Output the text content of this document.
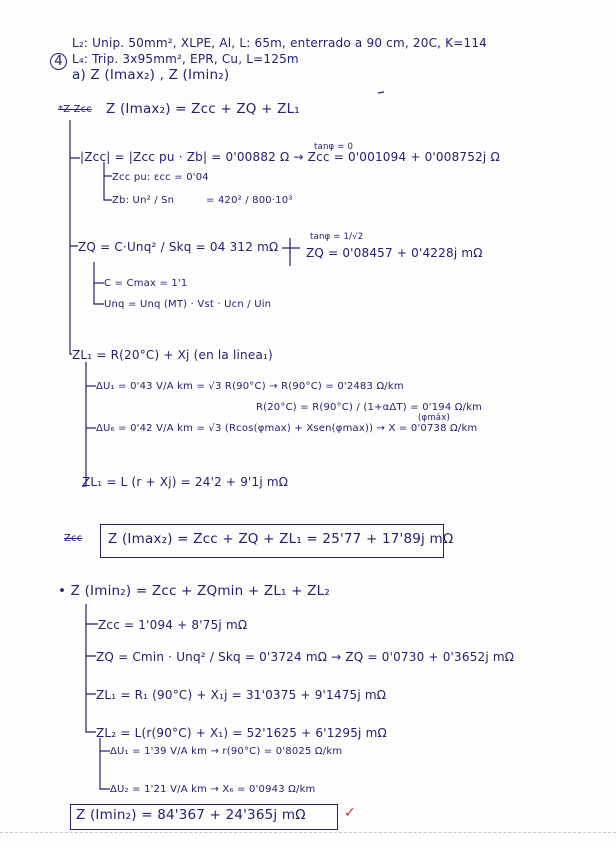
L₂: Unip. 50mm², XLPE, Al, L: 65m, enterrado a 90 cm, 20C, K=114
4 L₄: Trip. 3x95mm², EPR, Cu, L=125m
a) Z (Imax₂) , Z (Imin₂)
*Z Zcc Z (Imax₂) = Zcc + ZQ + ZL₁
tanφ = 0
|Zcc| = |Zcc pu · Zb| = 0'00882 Ω → Zcc = 0'001094 + 0'008752j Ω
Zcc pu: εcc = 0'04
Zb: Un² / Sn	= 420² / 800·10³
tanφ = 1/√2
ZQ = C·Unq² / Skq = 04 312 mΩ ZQ = 0'08457 + 0'4228j mΩ
C = Cmax = 1'1
Unq = Unq (MT) · Vst · Ucn / Uin
ZL₁ = R(20°C) + Xj (en la linea₁)
ΔU₁ = 0'43 V/A km = √3 R(90°C) → R(90°C) = 0'2483 Ω/km
R(20°C) = R(90°C) / (1+αΔT) = 0'194 Ω/km
(φmáx)
ΔU₆ = 0'42 V/A km = √3 (Rcos(φmax) + Xsen(φmax)) → X = 0'0738 Ω/km
ZL₁ = L (r + Xj) = 24'2 + 9'1j mΩ
Zcc Z (Imax₂) = Zcc + ZQ + ZL₁ = 25'77 + 17'89j mΩ
• Z (Imin₂) = Zcc + ZQmin + ZL₁ + ZL₂
Zcc = 1'094 + 8'75j mΩ
ZQ = Cmin · Unq² / Skq = 0'3724 mΩ → ZQ = 0'0730 + 0'3652j mΩ
ZL₁ = R₁ (90°C) + X₁j = 31'0375 + 9'1475j mΩ
ZL₂ = L(r(90°C) + X₁) = 52'1625 + 6'1295j mΩ
ΔU₁ = 1'39 V/A km → r(90°C) = 0'8025 Ω/km
ΔU₂ = 1'21 V/A km → X₆ = 0'0943 Ω/km
Z (Imin₂) = 84'367 + 24'365j mΩ	✓
